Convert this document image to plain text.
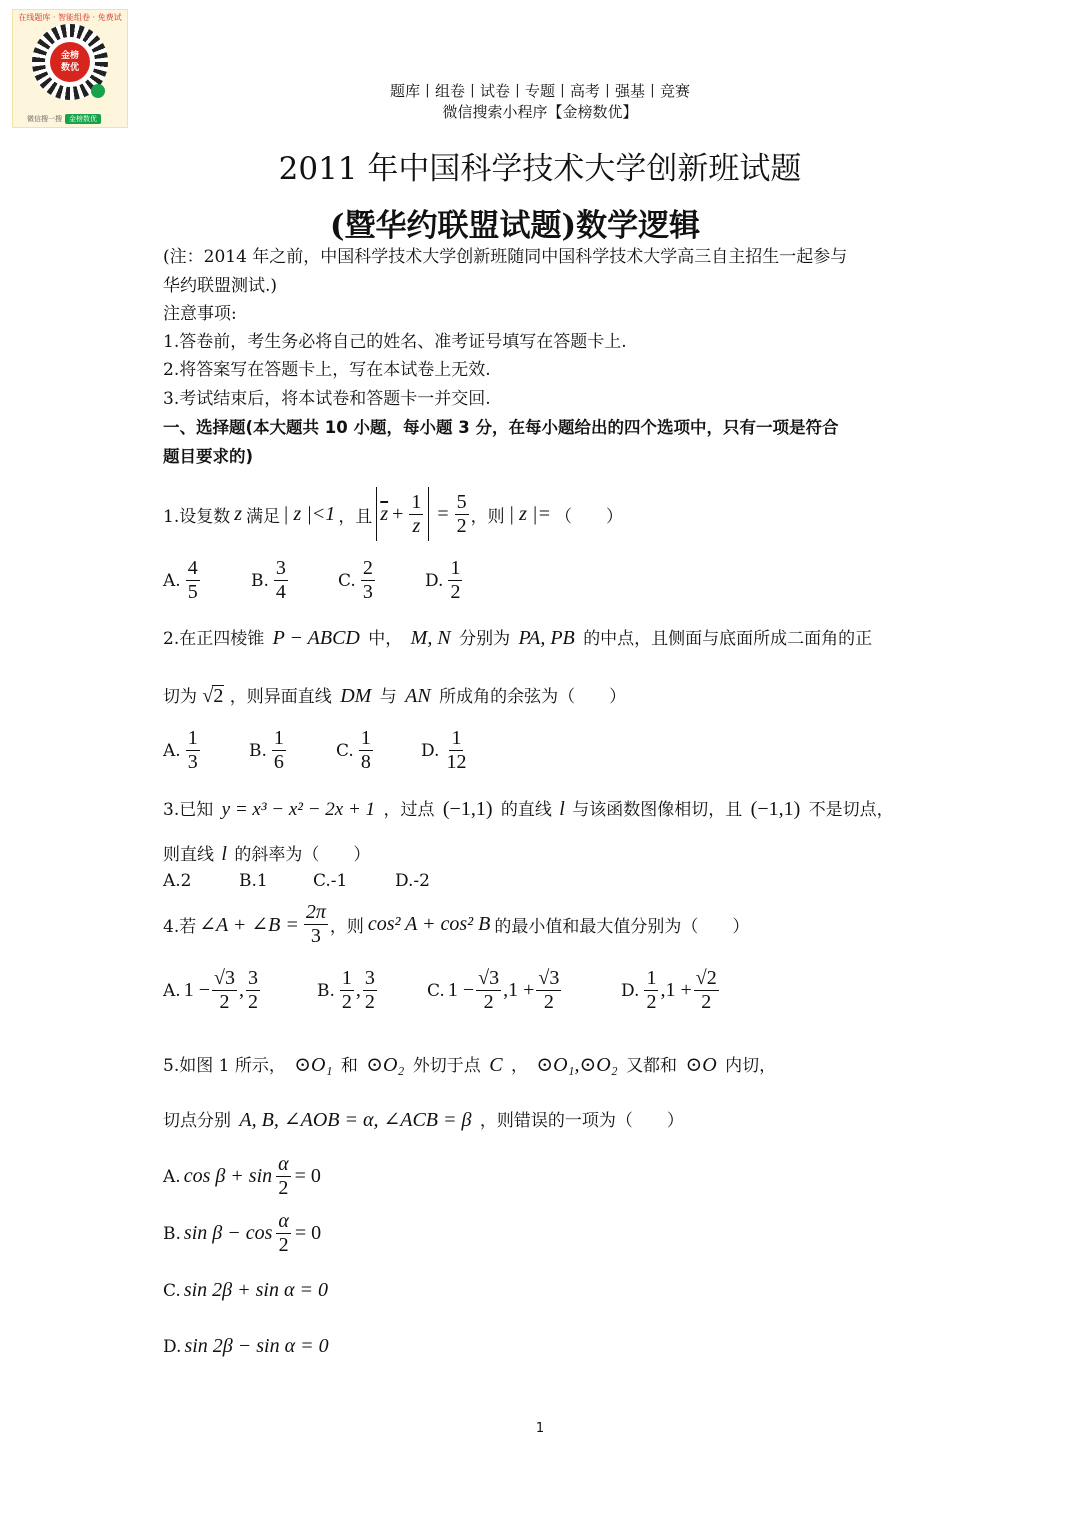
在线题库 · 智能组卷 · 免费试
金榜
数优
微信搜一搜	金榜数优
题库丨组卷丨试卷丨专题丨高考丨强基丨竞赛
微信搜索小程序【金榜数优】
2011 年中国科学技术大学创新班试题
(暨华约联盟试题)数学逻辑
(注：2014 年之前，中国科学技术大学创新班随同中国科学技术大学高三自主招生一起参与
华约联盟测试.)
注意事项:
1.答卷前，考生务必将自己的姓名、准考证号填写在答题卡上.
2.将答案写在答题卡上，写在本试卷上无效.
3.考试结束后，将本试卷和答题卡一并交回.
一、选择题(本大题共 10 小题，每小题 3 分，在每小题给出的四个选项中，只有一项是符合
题目要求的)
1.设复数 z 满足 | z |<1 ，且 $\overline{z} + \frac{1}{z} = \frac{5}{2}$ ，则 | z |= （　　）
A. $\frac{4}{5}$	B. $\frac{3}{4}$	C. $\frac{2}{3}$	D. $\frac{1}{2}$
2.在正四棱锥 P − ABCD 中， M, N 分别为 PA, PB 的中点，且侧面与底面所成二面角的正
切为 √2 ，则异面直线 DM 与 AN 所成角的余弦为（　　）
A. $\frac{1}{3}$	B. $\frac{1}{6}$	C. $\frac{1}{8}$	D. $\frac{1}{12}$
3.已知 y = x³ − x² − 2x + 1 ，过点 (−1,1) 的直线 l 与该函数图像相切，且 (−1,1) 不是切点，
则直线 l 的斜率为（　　）
A.2	B.1	C.-1	D.-2
4.若 ∠A + ∠B = $\frac{2\pi}{3}$ ，则 cos² A + cos² B 的最小值和最大值分别为（　　）
A. $1 - \frac{√3}{2}$ , $\frac{3}{2}$	B. $\frac{1}{2}$ , $\frac{3}{2}$	C. $1 - \frac{√3}{2} ,1 + \frac{√3}{2}$	D. $\frac{1}{2} ,1 + \frac{√2}{2}$
5.如图 1 所示， ⊙O₁ 和 ⊙O₂ 外切于点 C ， ⊙O₁,⊙O₂ 又都和 ⊙O 内切，
切点分别 A, B, ∠AOB = α, ∠ACB = β ，则错误的一项为（　　）
A. $\cos \beta + \sin \frac{\alpha}{2} = 0$
B. $\sin \beta - \cos \frac{\alpha}{2} = 0$
C. sin 2β + sin α = 0
D. sin 2β − sin α = 0
1
